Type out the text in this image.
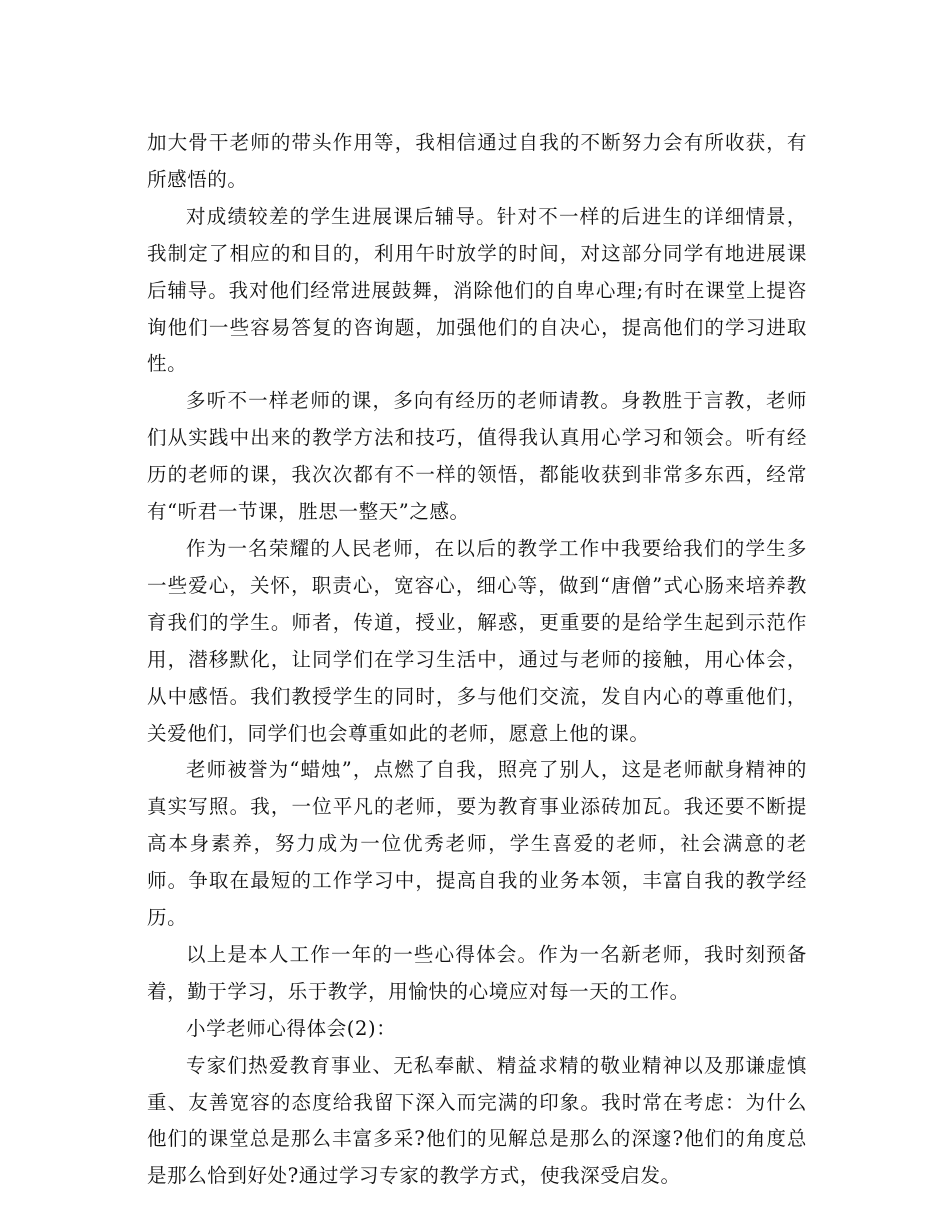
加大骨干老师的带头作用等，我相信通过自我的不断努力会有所收获，有所感悟的。

对成绩较差的学生进展课后辅导。针对不一样的后进生的详细情景，我制定了相应的和目的，利用午时放学的时间，对这部分同学有地进展课后辅导。我对他们经常进展鼓舞，消除他们的自卑心理;有时在课堂上提咨询他们一些容易答复的咨询题，加强他们的自决心，提高他们的学习进取性。

多听不一样老师的课，多向有经历的老师请教。身教胜于言教，老师们从实践中出来的教学方法和技巧，值得我认真用心学习和领会。听有经历的老师的课，我次次都有不一样的领悟，都能收获到非常多东西，经常有“听君一节课，胜思一整天”之感。

作为一名荣耀的人民老师，在以后的教学工作中我要给我们的学生多一些爱心，关怀，职责心，宽容心，细心等，做到“唐僧”式心肠来培养教育我们的学生。师者，传道，授业，解惑，更重要的是给学生起到示范作用，潜移默化，让同学们在学习生活中，通过与老师的接触，用心体会，从中感悟。我们教授学生的同时，多与他们交流，发自内心的尊重他们，关爱他们，同学们也会尊重如此的老师，愿意上他的课。

老师被誉为“蜡烛”，点燃了自我，照亮了别人，这是老师献身精神的真实写照。我，一位平凡的老师，要为教育事业添砖加瓦。我还要不断提高本身素养，努力成为一位优秀老师，学生喜爱的老师，社会满意的老师。争取在最短的工作学习中，提高自我的业务本领，丰富自我的教学经历。

以上是本人工作一年的一些心得体会。作为一名新老师，我时刻预备着，勤于学习，乐于教学，用愉快的心境应对每一天的工作。

小学老师心得体会(2)：

专家们热爱教育事业、无私奉献、精益求精的敬业精神以及那谦虚慎重、友善宽容的态度给我留下深入而完满的印象。我时常在考虑：为什么他们的课堂总是那么丰富多采?他们的见解总是那么的深邃?他们的角度总是那么恰到好处?通过学习专家的教学方式，使我深受启发。
